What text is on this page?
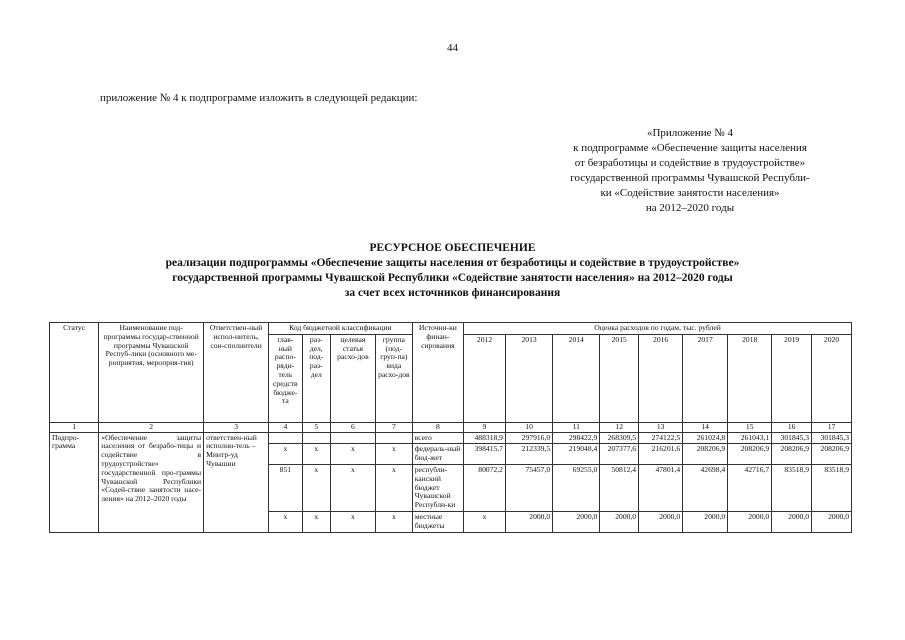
44
приложение № 4 к подпрограмме изложить в следующей редакции:
«Приложение № 4
к подпрограмме «Обеспечение защиты населения
от безработицы и содействие в трудоустройстве»
государственной программы Чувашской Республи-
ки «Содействие занятости населения»
на 2012–2020 годы
РЕСУРСНОЕ ОБЕСПЕЧЕНИЕ
реализации подпрограммы «Обеспечение защиты населения от безработицы и содействие в трудоустройстве»
государственной программы Чувашской Республики «Содействие занятости населения» на 2012–2020 годы
за счет всех источников финансирования
Статус	Наименование под-программы государ-ственной программы Чувашской Респуб-лики (основного ме-роприятия, мероприя-тия)	Ответствен-ный испол-нитель, сои-сполнители	Код бюджетной классификации				Источни-ки финан-сирования	Оценка расходов по годам, тыс. рублей								
			глав-ный распо-ряди-тель средств бюдже-та	раз-дел, под-раз-дел	целевая статья расхо-дов	группа (под-груп-па) вида расхо-дов		2012	2013	2014	2015	2016	2017	2018	2019	2020
1	2	3	4	5	6	7	8	9	10	11	12	13	14	15	16	17
Подпро-грамма	«Обеспечение защиты населения от безрабо-тицы и содействие в трудоустройстве» государственной про-граммы Чувашской Республики «Содей-ствие занятости насе-ления» на 2012–2020 годы	ответствен-ный исполни-тель – Минтр-уд Чувашии					всего	488318,9	297916,0	298422,9	268309,5	274122,5	261024,8	261043,1	301845,3	301845,3
			x	x	x	x	федераль-ный бюд-жет	398415,7	212339,5	219048,4	207377,6	216201,6	208206,9	208206,9	208206,9	208206,9
			851	x	x	x	республи-канский бюджет Чувашской Республи-ки	80072,2	75457,0	69255,0	50812,4	47801,4	42698,4	42716,7	83518,9	83518,9
			x	x	x	x	местные бюджеты	x	2000,0	2000,0	2000,0	2000,0	2000,0	2000,0	2000,0	2000,0
